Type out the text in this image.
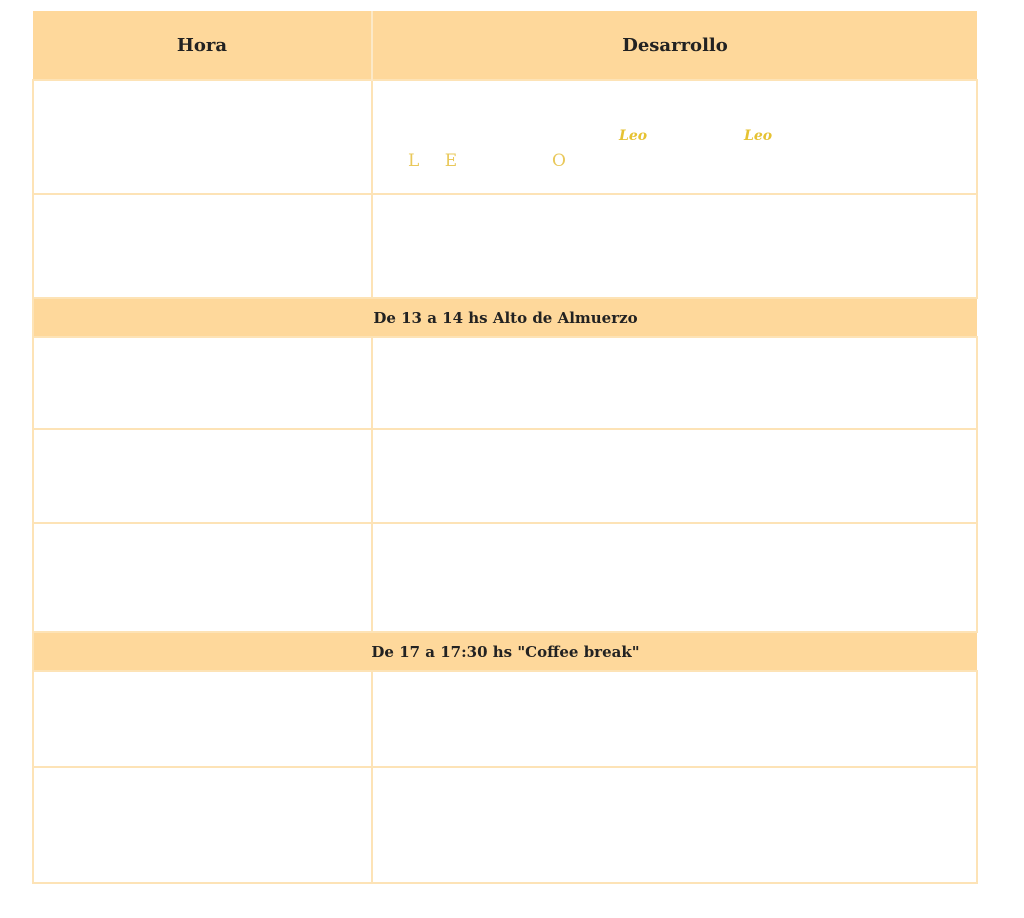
Hora	Desarrollo

	Leo Leo
L E O

De 13 a 14 hs Alto de Almuerzo	

De 17 a 17:30 hs "Coffee break"	
